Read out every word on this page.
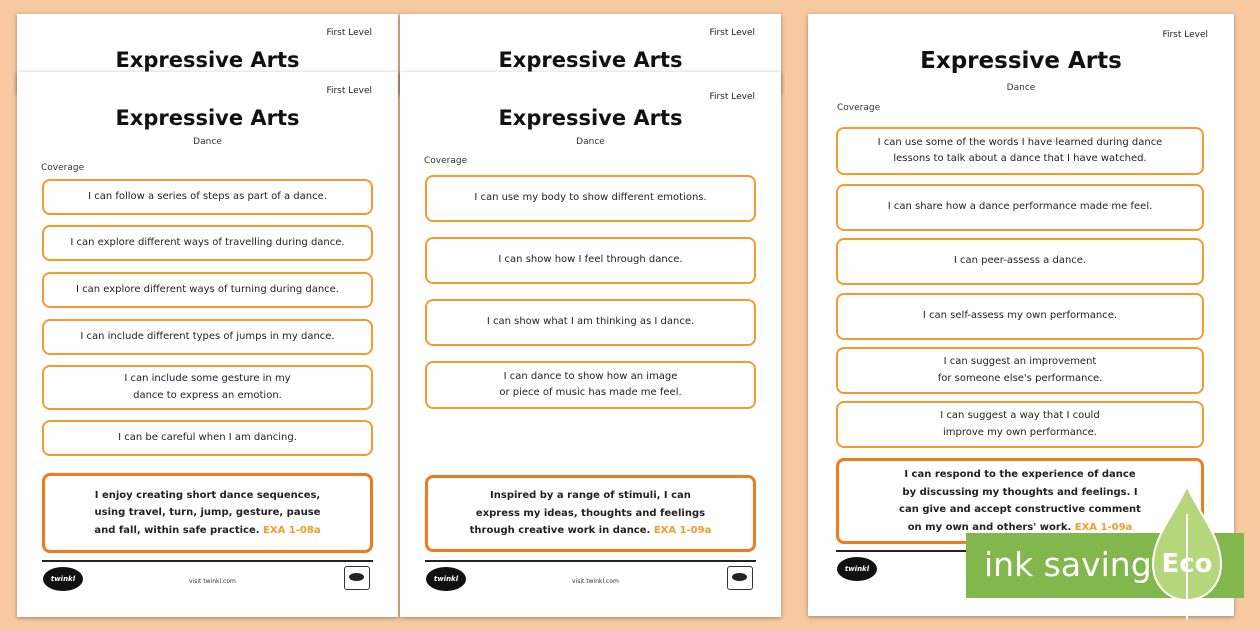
First Level
Expressive Arts
First Level
Expressive Arts
First Level
Expressive Arts
Dance
Coverage
I can follow a series of steps as part of a dance.
I can explore different ways of travelling during dance.
I can explore different ways of turning during dance.
I can include different types of jumps in my dance.
I can include some gesture in my
dance to express an emotion.
I can be careful when I am dancing.
I enjoy creating short dance sequences,
using travel, turn, jump, gesture, pause
and fall, within safe practice. EXA 1-08a
twinkl	visit twinkl.com
First Level
Expressive Arts
Dance
Coverage
I can use my body to show different emotions.
I can show how I feel through dance.
I can show what I am thinking as I dance.
I can dance to show how an image
or piece of music has made me feel.
Inspired by a range of stimuli, I can
express my ideas, thoughts and feelings
through creative work in dance. EXA 1-09a
twinkl	visit twinkl.com
First Level
Expressive Arts
Dance
Coverage
I can use some of the words I have learned during dance
lessons to talk about a dance that I have watched.
I can share how a dance performance made me feel.
I can peer-assess a dance.
I can self-assess my own performance.
I can suggest an improvement
for someone else's performance.
I can suggest a way that I could
improve my own performance.
I can respond to the experience of dance
by discussing my thoughts and feelings. I
can give and accept constructive comment
on my own and others' work. EXA 1-09a
twinkl	ink saving Eco
